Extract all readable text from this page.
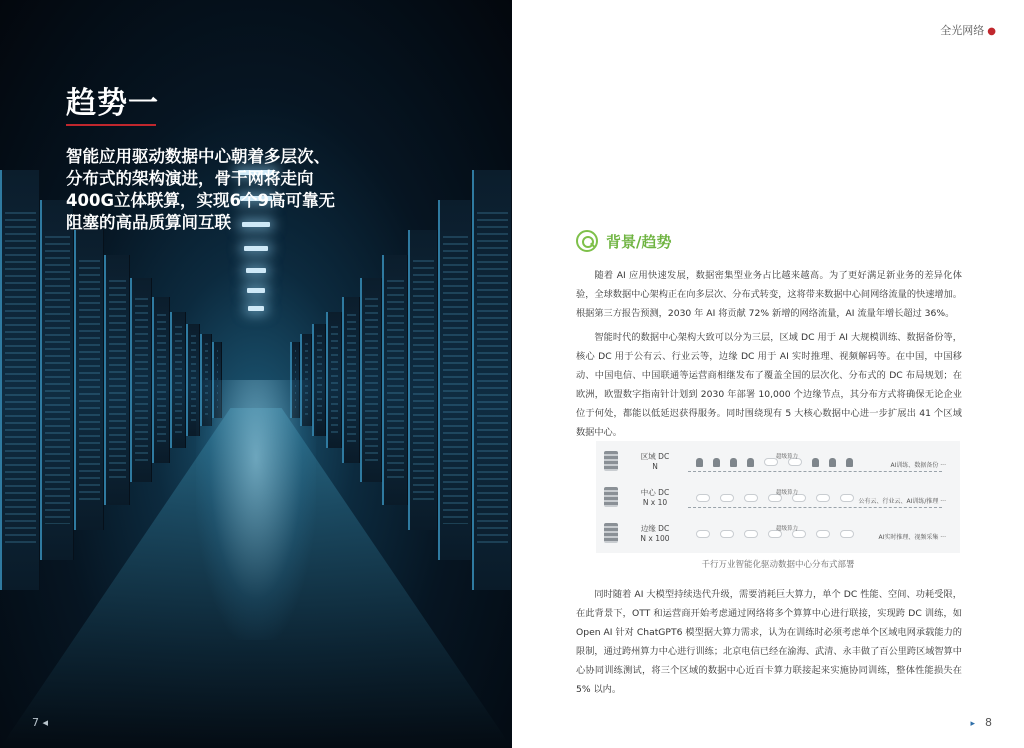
趋势一
智能应用驱动数据中心朝着多层次、分布式的架构演进，骨干网将走向400G立体联算，实现6个9高可靠无阻塞的高品质算间互联
7 ◂
全光网络 ●
背景/趋势

随着 AI 应用快速发展，数据密集型业务占比越来越高。为了更好满足新业务的差异化体验，全球数据中心架构正在向多层次、分布式转变，这将带来数据中心间网络流量的快速增加。根据第三方报告预测，2030 年 AI 将贡献 72% 新增的网络流量，AI 流量年增长超过 36%。

智能时代的数据中心架构大致可以分为三层，区域 DC 用于 AI 大规模训练、数据备份等，核心 DC 用于公有云、行业云等，边缘 DC 用于 AI 实时推理、视频解码等。在中国，中国移动、中国电信、中国联通等运营商相继发布了覆盖全国的层次化、分布式的 DC 布局规划；在欧洲，欧盟数字指南针计划到 2030 年部署 10,000 个边缘节点，其分布方式将确保无论企业位于何处，都能以低延迟获得服务。同时围绕现有 5 大核心数据中心进一步扩展出 41 个区域数据中心。

区域 DC
N
超级算力
AI训练、数据备份 ···
中心 DC
N x 10
超级算力
公有云、行业云、AI训练/推理 ···
边缘 DC
N x 100
超级算力
AI实时推理、视频采集 ···
千行万业智能化驱动数据中心分布式部署

同时随着 AI 大模型持续迭代升级，需要消耗巨大算力，单个 DC 性能、空间、功耗受限，在此背景下，OTT 和运营商开始考虑通过网络将多个算算中心进行联接，实现跨 DC 训练，如 Open AI 针对 ChatGPT6 模型据大算力需求，认为在训练时必须考虑单个区域电网承载能力的限制，通过跨州算力中心进行训练；北京电信已经在渝海、武清、永丰做了百公里跨区域智算中心协同训练测试，将三个区域的数据中心近百卡算力联接起来实施协同训练，整体性能损失在 5% 以内。

▸ 8
